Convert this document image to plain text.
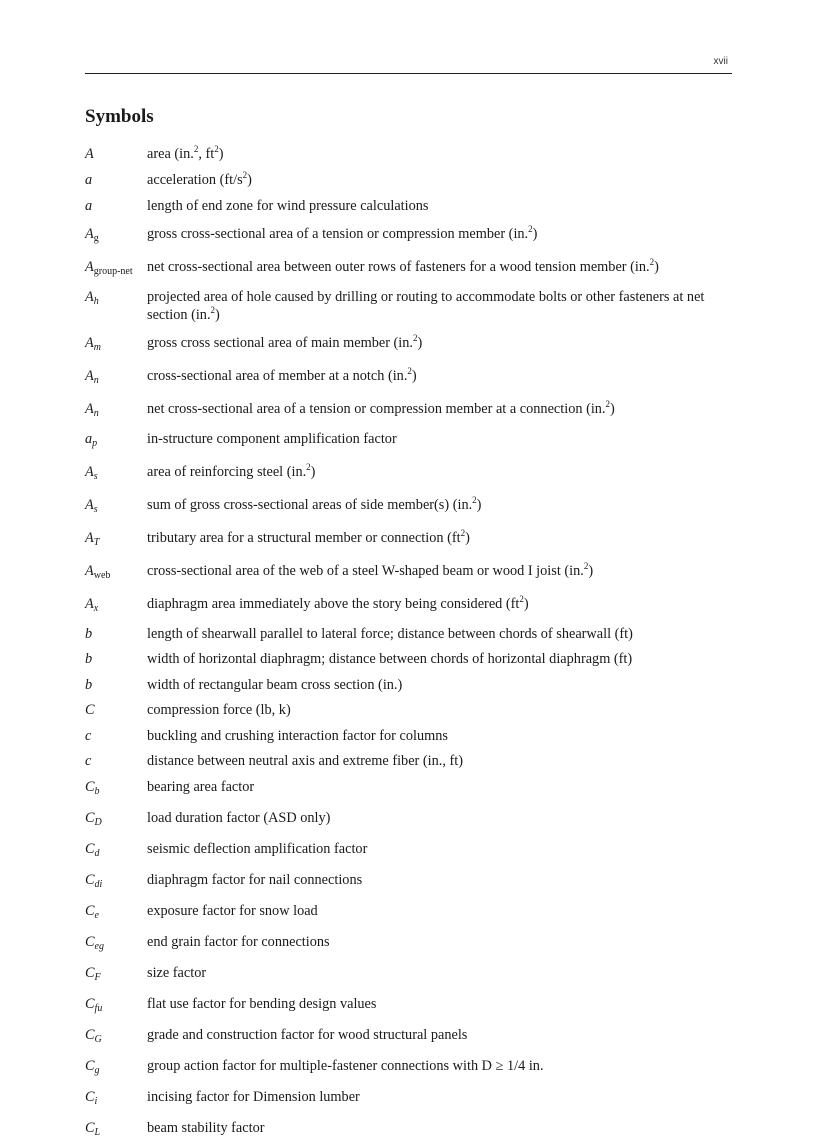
xvii
Symbols
A	area (in.$^2$, $ft^2$)
a	acceleration $(ft/s^2)$
a	length of end zone for wind pressure calculations
$A_g$	gross cross-sectional area of a tension or compression member (in.$^2$)
$A_{group-net}$	net cross-sectional area between outer rows of fasteners for a wood tension member (in.$^2$)
$A_h$	projected area of hole caused by drilling or routing to accommodate bolts or other fasteners at net section (in.$^2$)
$A_m$	gross cross sectional area of main member (in.$^2$)
$A_n$	cross-sectional area of member at a notch (in.$^2$)
$A_n$	net cross-sectional area of a tension or compression member at a connection (in.$^2$)
$a_p$	in-structure component amplification factor
$A_s$	area of reinforcing steel (in.$^2$)
$A_s$	sum of gross cross-sectional areas of side member(s) (in.$^2$)
$A_T$	tributary area for a structural member or connection $(ft^2)$
$A_{web}$	cross-sectional area of the web of a steel W-shaped beam or wood I joist (in.$^2$)
$A_x$	diaphragm area immediately above the story being considered $(ft^2)$
b	length of shearwall parallel to lateral force; distance between chords of shearwall (ft)
b	width of horizontal diaphragm; distance between chords of horizontal diaphragm (ft)
b	width of rectangular beam cross section (in.)
C	compression force (lb, k)
c	buckling and crushing interaction factor for columns
c	distance between neutral axis and extreme fiber (in., ft)
$C_b$	bearing area factor
$C_D$	load duration factor (ASD only)
$C_d$	seismic deflection amplification factor
$C_{di}$	diaphragm factor for nail connections
$C_e$	exposure factor for snow load
$C_{eg}$	end grain factor for connections
$C_F$	size factor
$C_{fu}$	flat use factor for bending design values
$C_G$	grade and construction factor for wood structural panels
$C_g$	group action factor for multiple-fastener connections with D ≥ 1/4 in.
$C_i$	incising factor for Dimension lumber
$C_L$	beam stability factor
